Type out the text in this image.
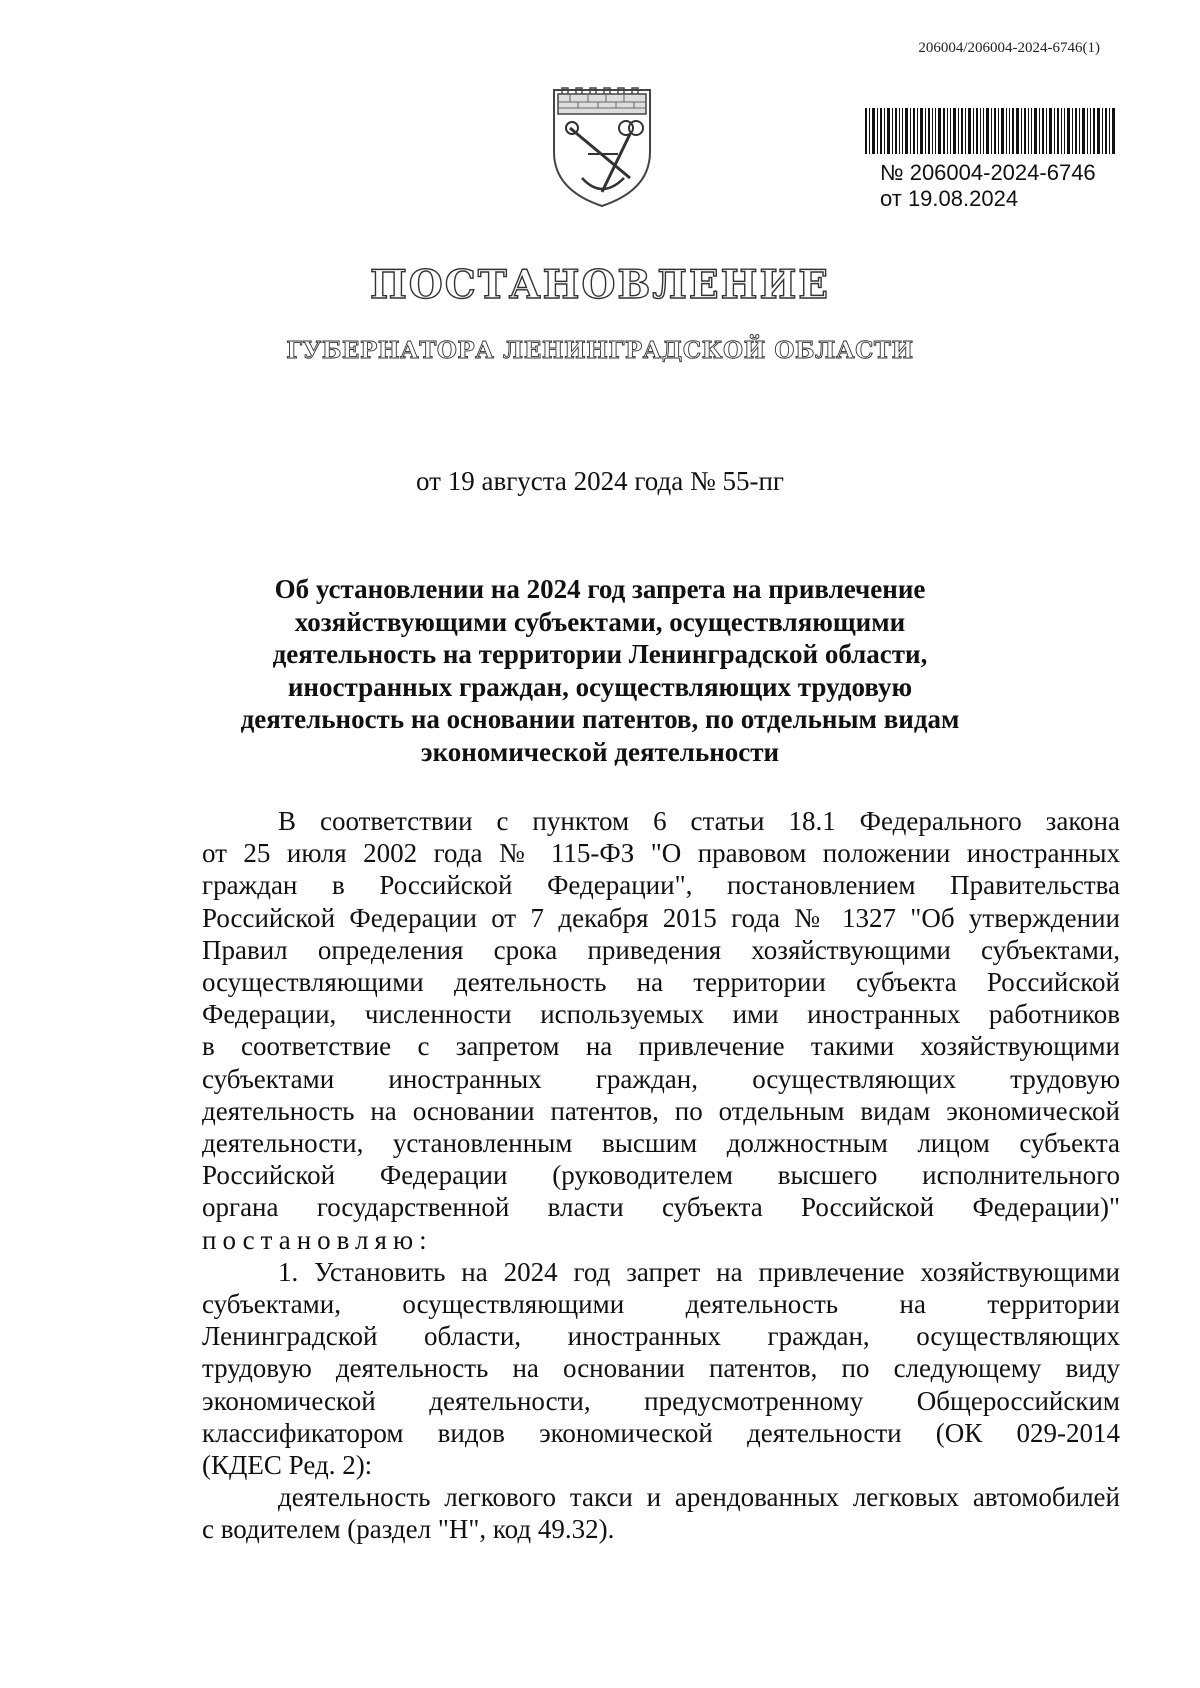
206004/206004-2024-6746(1)
№ 206004-2024-6746
от 19.08.2024
ПОСТАНОВЛЕНИЕ
ГУБЕРНАТОРА ЛЕНИНГРАДСКОЙ ОБЛАСТИ
от 19 августа 2024 года № 55-пг
Об установлении на 2024 год запрета на привлечение
хозяйствующими субъектами, осуществляющими
деятельность на территории Ленинградской области,
иностранных граждан, осуществляющих трудовую
деятельность на основании патентов, по отдельным видам
экономической деятельности
В соответствии с пунктом 6 статьи 18.1 Федерального закона
от 25 июля 2002 года № 115-ФЗ "О правовом положении иностранных
граждан в Российской Федерации", постановлением Правительства
Российской Федерации от 7 декабря 2015 года № 1327 "Об утверждении
Правил определения срока приведения хозяйствующими субъектами,
осуществляющими деятельность на территории субъекта Российской
Федерации, численности используемых ими иностранных работников
в соответствие с запретом на привлечение такими хозяйствующими
субъектами иностранных граждан, осуществляющих трудовую
деятельность на основании патентов, по отдельным видам экономической
деятельности, установленным высшим должностным лицом субъекта
Российской Федерации (руководителем высшего исполнительного
органа государственной власти субъекта Российской Федерации)"
постановляю:
1. Установить на 2024 год запрет на привлечение хозяйствующими
субъектами, осуществляющими деятельность на территории
Ленинградской области, иностранных граждан, осуществляющих
трудовую деятельность на основании патентов, по следующему виду
экономической деятельности, предусмотренному Общероссийским
классификатором видов экономической деятельности (ОК 029-2014
(КДЕС Ред. 2):
деятельность легкового такси и арендованных легковых автомобилей
с водителем (раздел "Н", код 49.32).
